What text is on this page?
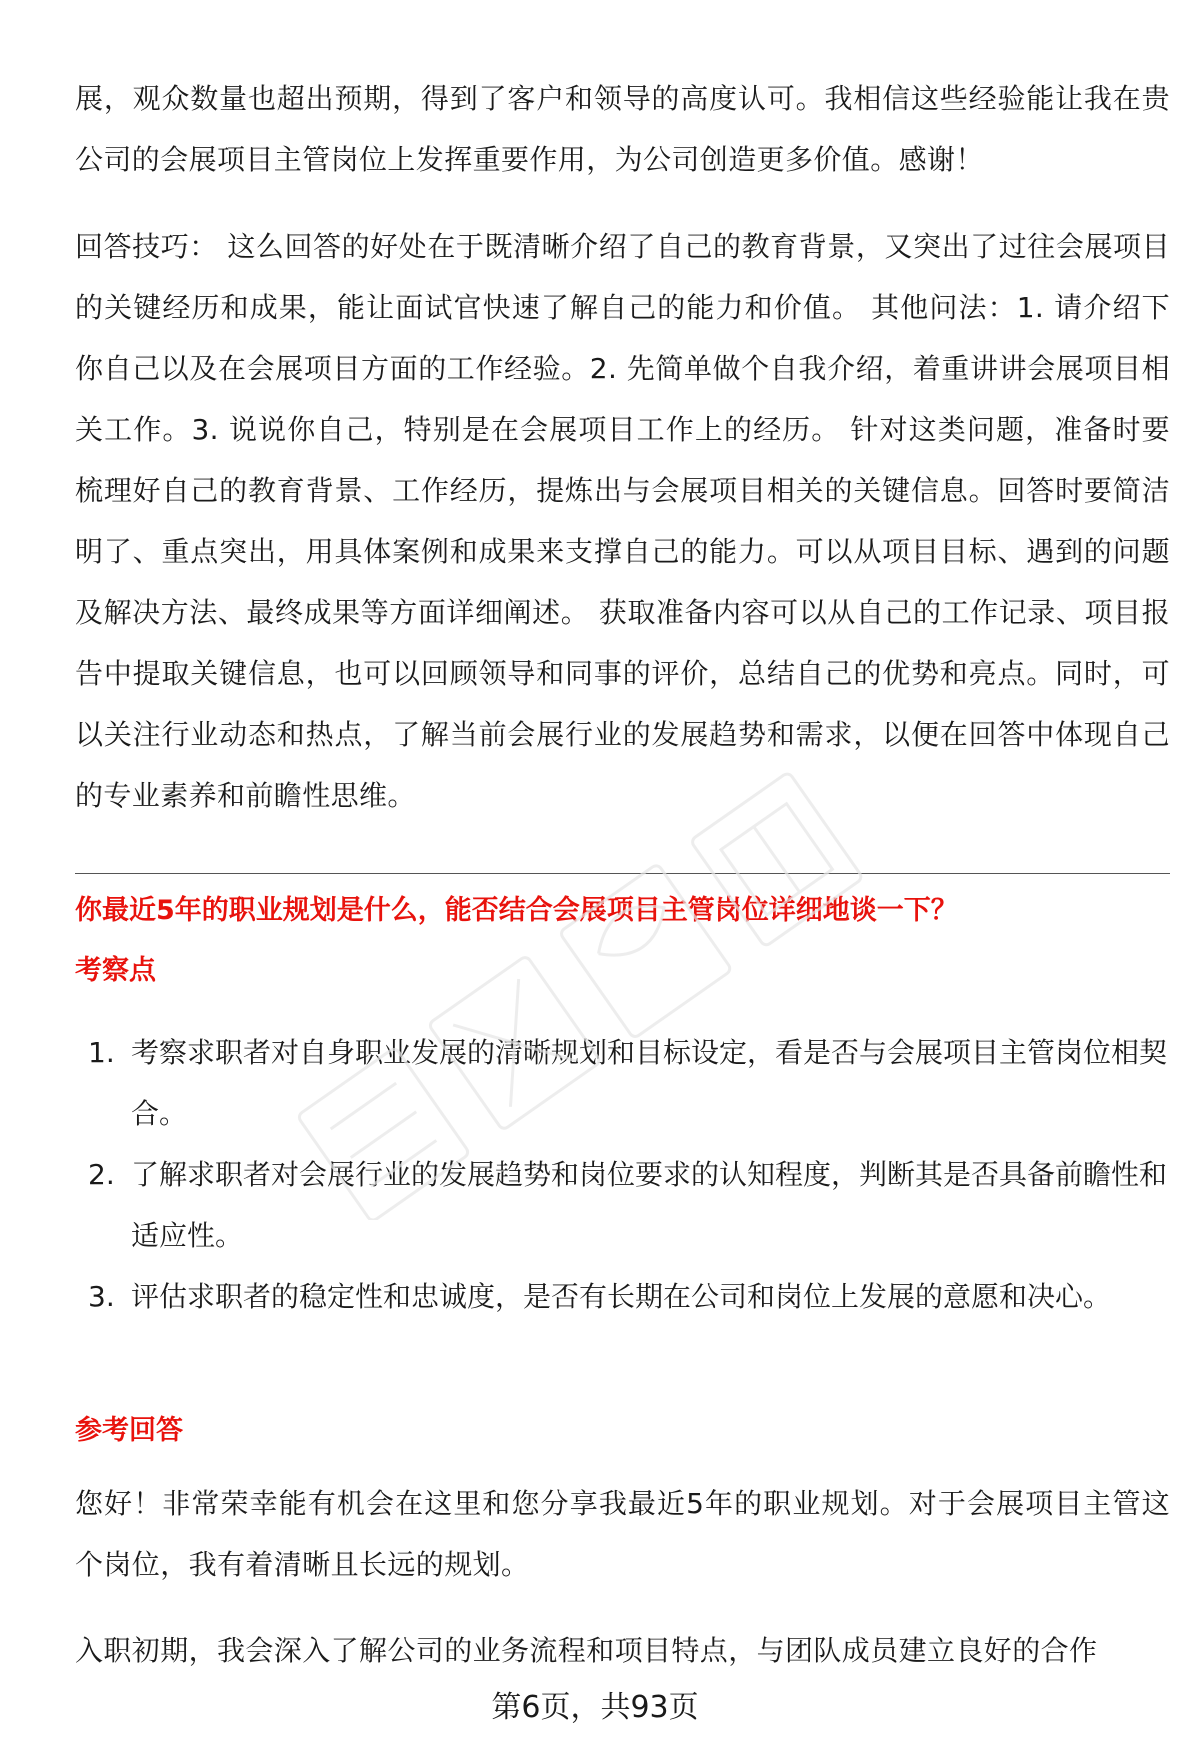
展，观众数量也超出预期，得到了客户和领导的高度认可。我相信这些经验能让我在贵公司的会展项目主管岗位上发挥重要作用，为公司创造更多价值。感谢！

回答技巧： 这么回答的好处在于既清晰介绍了自己的教育背景，又突出了过往会展项目的关键经历和成果，能让面试官快速了解自己的能力和价值。 其他问法：1. 请介绍下你自己以及在会展项目方面的工作经验。2. 先简单做个自我介绍，着重讲讲会展项目相关工作。3. 说说你自己，特别是在会展项目工作上的经历。 针对这类问题，准备时要梳理好自己的教育背景、工作经历，提炼出与会展项目相关的关键信息。回答时要简洁明了、重点突出，用具体案例和成果来支撑自己的能力。可以从项目目标、遇到的问题及解决方法、最终成果等方面详细阐述。 获取准备内容可以从自己的工作记录、项目报告中提取关键信息，也可以回顾领导和同事的评价，总结自己的优势和亮点。同时，可以关注行业动态和热点，了解当前会展行业的发展趋势和需求，以便在回答中体现自己的专业素养和前瞻性思维。

你最近5年的职业规划是什么，能否结合会展项目主管岗位详细地谈一下？
考察点
1. 考察求职者对自身职业发展的清晰规划和目标设定，看是否与会展项目主管岗位相契合。
2. 了解求职者对会展行业的发展趋势和岗位要求的认知程度，判断其是否具备前瞻性和适应性。
3. 评估求职者的稳定性和忠诚度，是否有长期在公司和岗位上发展的意愿和决心。
参考回答

您好！非常荣幸能有机会在这里和您分享我最近5年的职业规划。对于会展项目主管这个岗位，我有着清晰且长远的规划。

入职初期，我会深入了解公司的业务流程和项目特点，与团队成员建立良好的合作

第6页，共93页
